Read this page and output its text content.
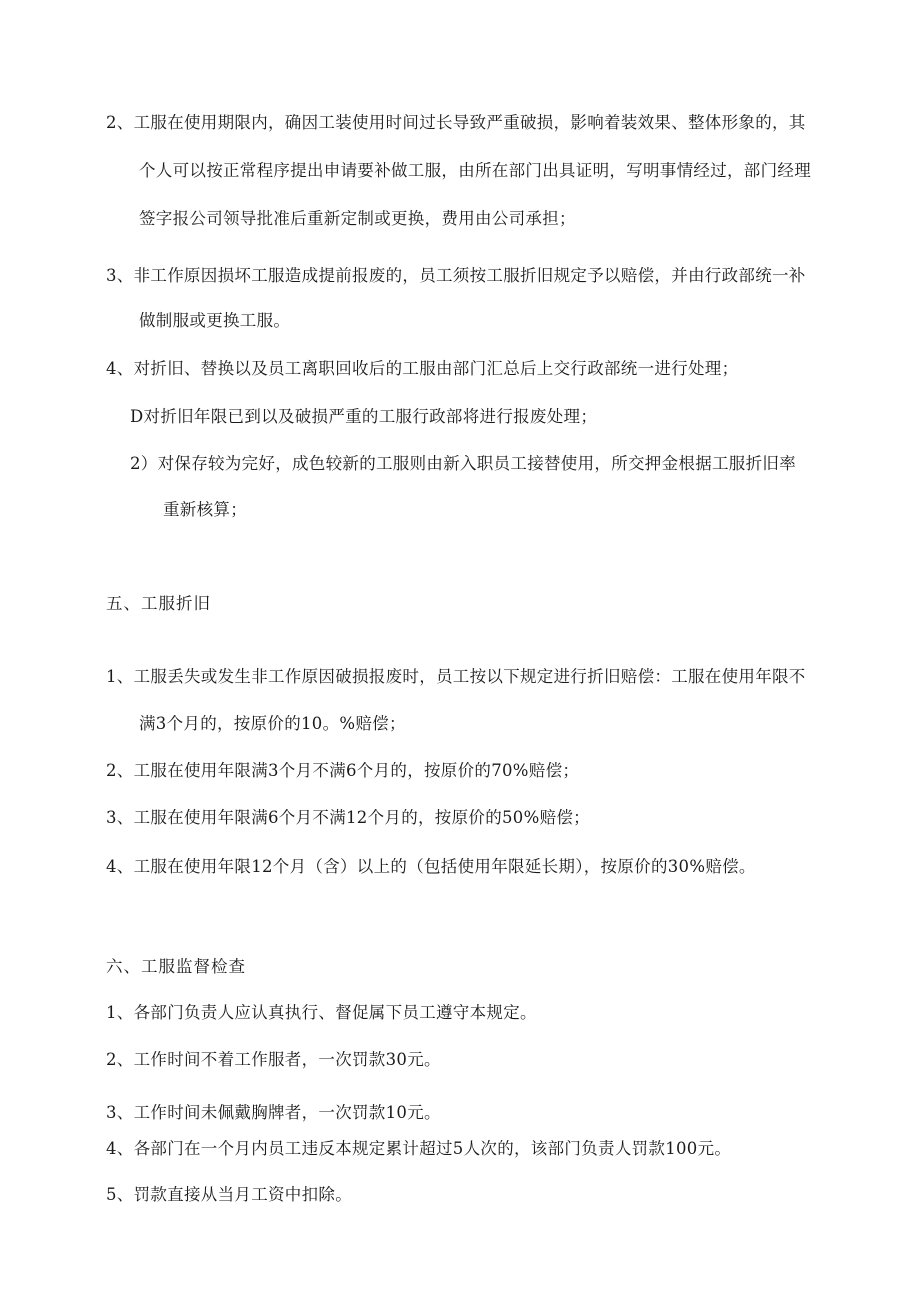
2、工服在使用期限内，确因工装使用时间过长导致严重破损，影响着装效果、整体形象的，其

个人可以按正常程序提出申请要补做工服，由所在部门出具证明，写明事情经过，部门经理

签字报公司领导批准后重新定制或更换，费用由公司承担；

3、非工作原因损坏工服造成提前报废的，员工须按工服折旧规定予以赔偿，并由行政部统一补

做制服或更换工服。

4、对折旧、替换以及员工离职回收后的工服由部门汇总后上交行政部统一进行处理；

D对折旧年限已到以及破损严重的工服行政部将进行报废处理；

2）对保存较为完好，成色较新的工服则由新入职员工接替使用，所交押金根据工服折旧率

重新核算；

五、工服折旧

1、工服丢失或发生非工作原因破损报废时，员工按以下规定进行折旧赔偿：工服在使用年限不

满3个月的，按原价的10。%赔偿；

2、工服在使用年限满3个月不满6个月的，按原价的70%赔偿；

3、工服在使用年限满6个月不满12个月的，按原价的50%赔偿；

4、工服在使用年限12个月（含）以上的（包括使用年限延长期），按原价的30%赔偿。

六、工服监督检查

1、各部门负责人应认真执行、督促属下员工遵守本规定。

2、工作时间不着工作服者，一次罚款30元。

3、工作时间未佩戴胸牌者，一次罚款10元。

4、各部门在一个月内员工违反本规定累计超过5人次的，该部门负责人罚款100元。

5、罚款直接从当月工资中扣除。
